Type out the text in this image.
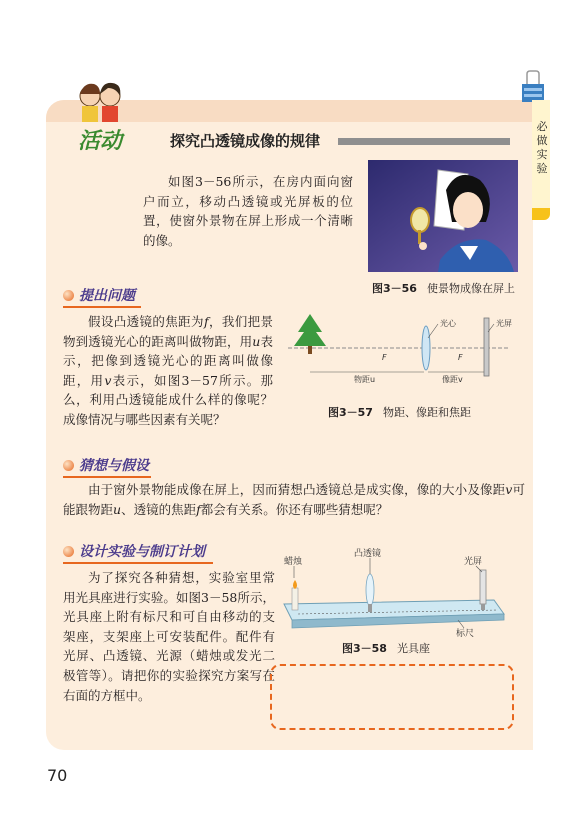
必做实验
活动	探究凸透镜成像的规律

如图3－56所示，在房内面向窗户而立，移动凸透镜或光屏板的位置，使窗外景物在屏上形成一个清晰的像。

图3－56 使景物成像在屏上
提出问题

假设凸透镜的焦距为f，我们把景物到透镜光心的距离叫做物距，用u表示，把像到透镜光心的距离叫做像距，用v表示，如图3－57所示。那么，利用凸透镜能成什么样的像呢？成像情况与哪些因素有关呢？

光心	光屏
F	F
物距u	像距v
图3－57 物距、像距和焦距
猜想与假设

由于窗外景物能成像在屏上，因而猜想凸透镜总是成实像，像的大小及像距v可能跟物距u、透镜的焦距f都会有关系。你还有哪些猜想呢？

设计实验与制订计划

为了探究各种猜想，实验室里常用光具座进行实验。如图3－58所示，光具座上附有标尺和可自由移动的支架座，支架座上可安装配件。配件有光屏、凸透镜、光源（蜡烛或发光二极管等）。请把你的实验探究方案写在右面的方框中。

蜡烛
凸透镜
光屏
标尺
图3－58 光具座
70
